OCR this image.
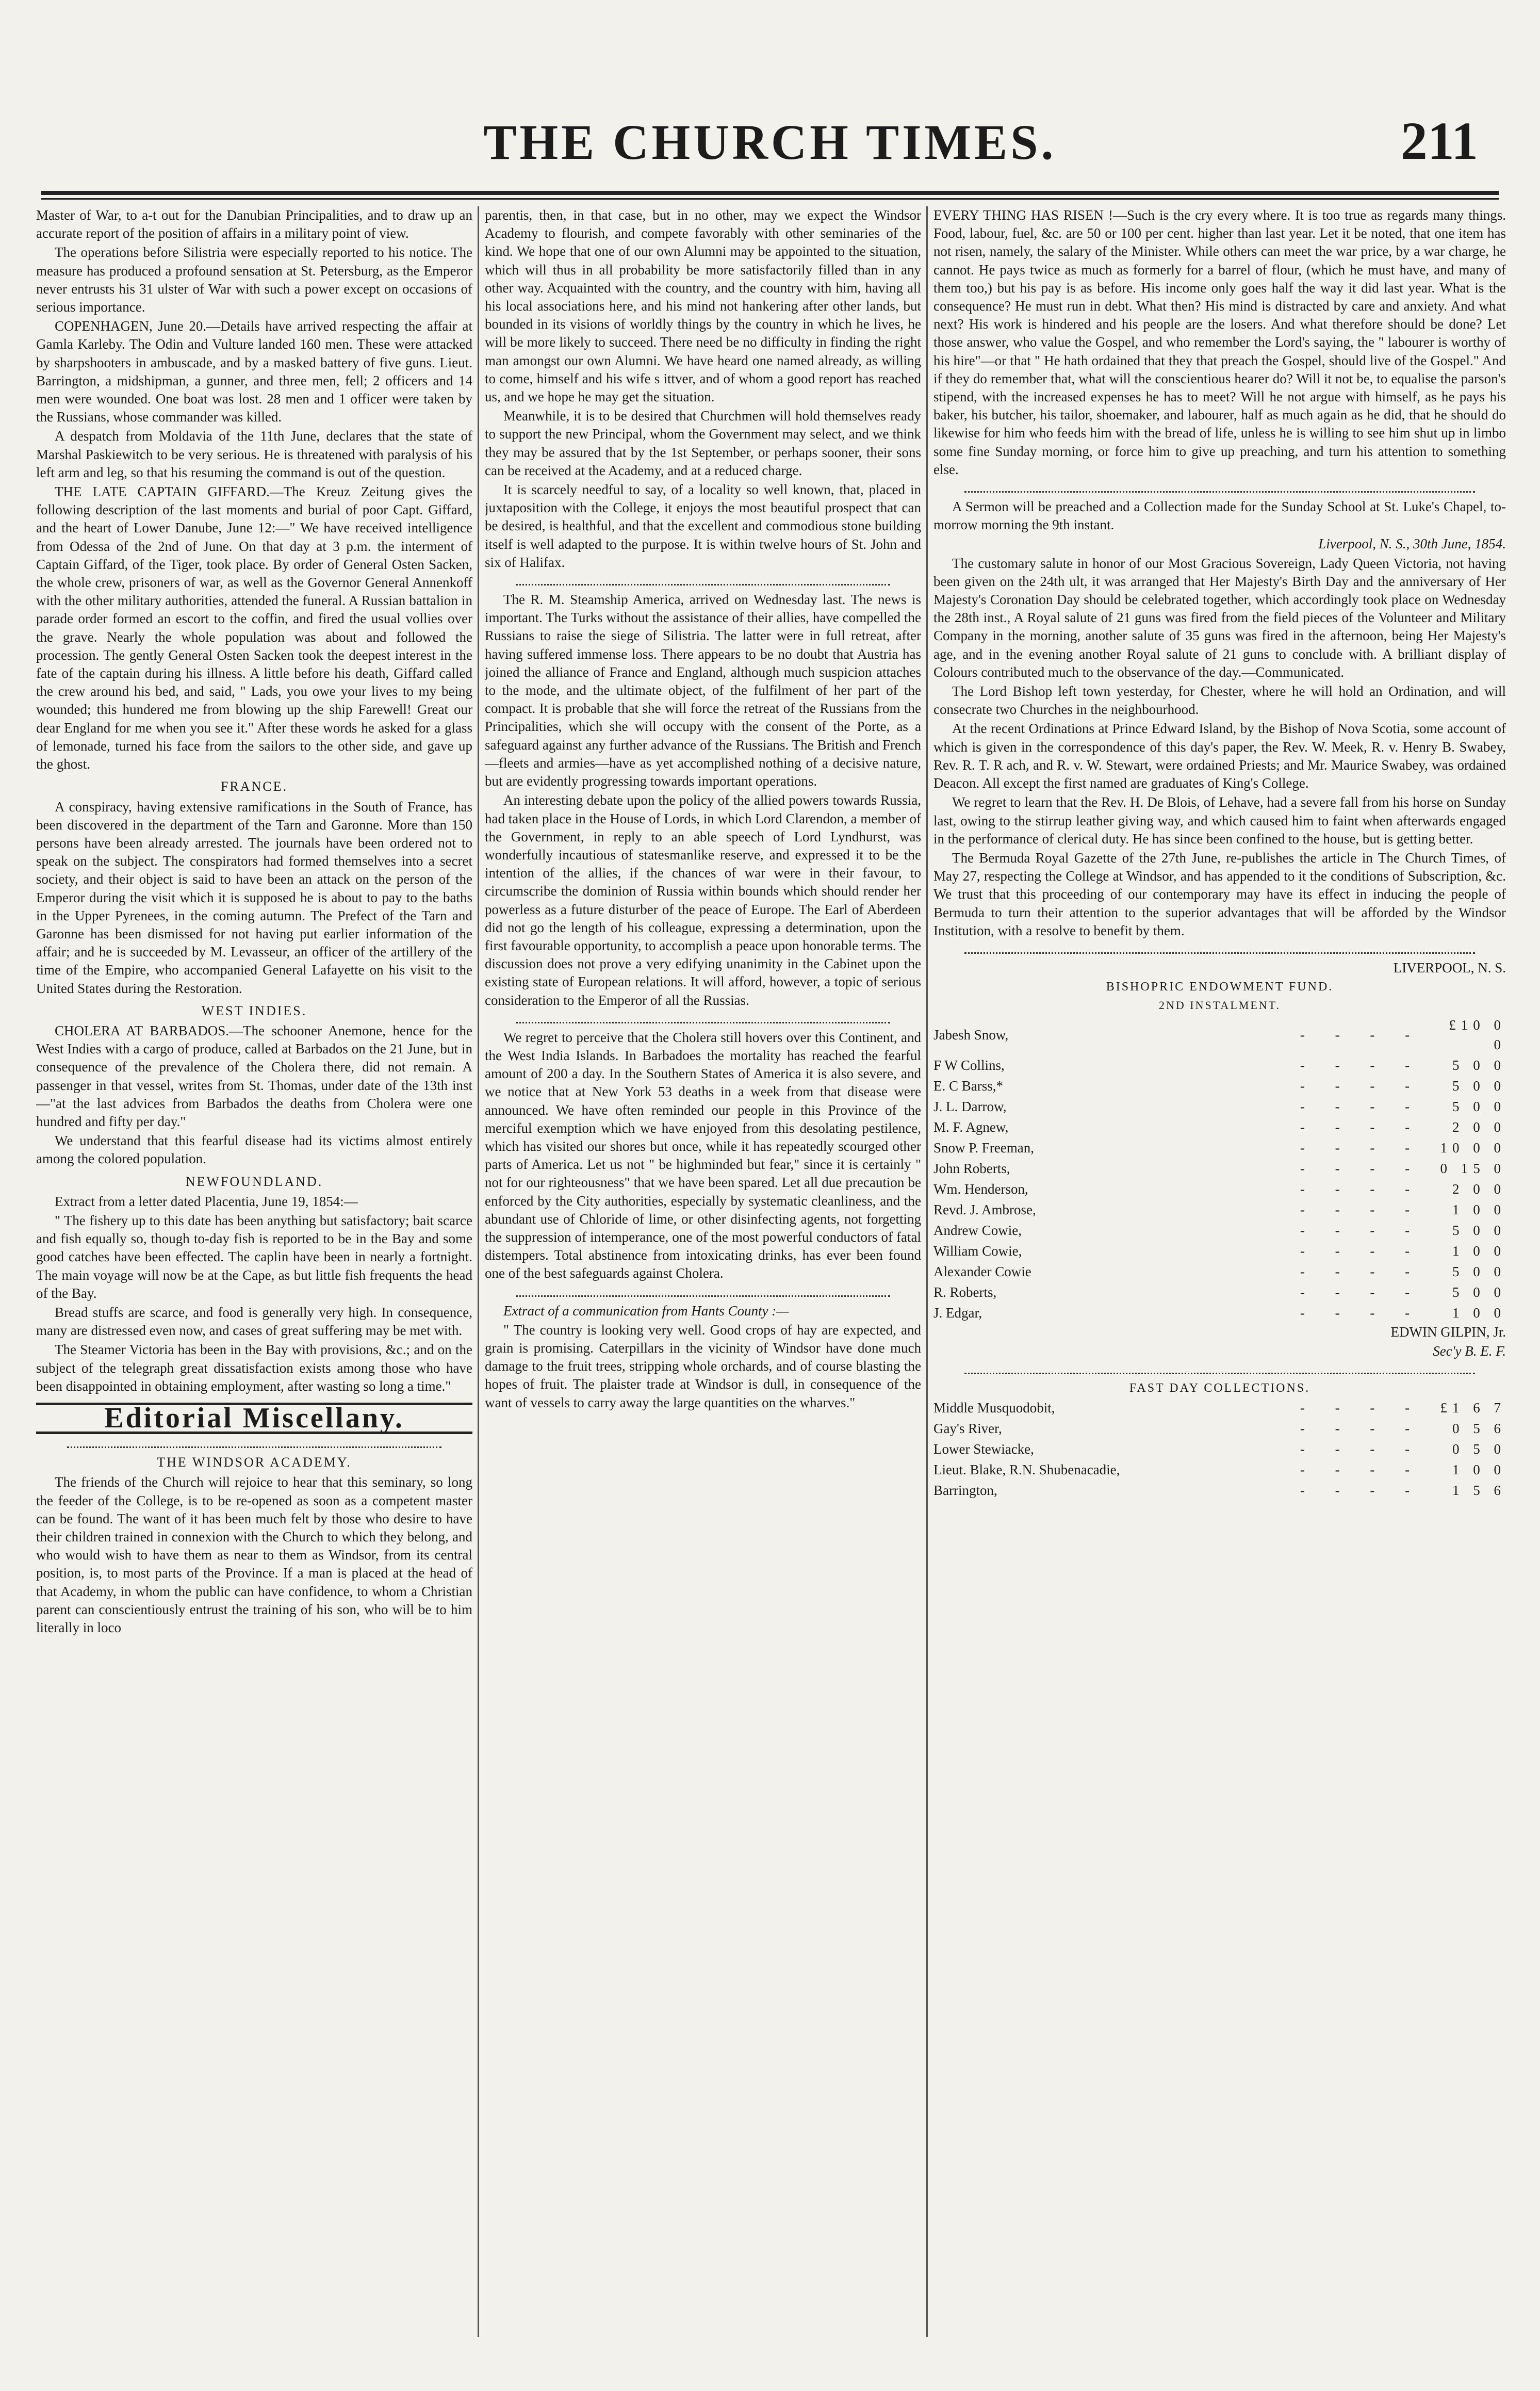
THE CHURCH TIMES.	211

Master of War, to a-t out for the Danubian Principalities, and to draw up an accurate report of the position of affairs in a military point of view.

The operations before Silistria were especially reported to his notice. The measure has produced a profound sensation at St. Petersburg, as the Emperor never entrusts his 31 ulster of War with such a power except on occasions of serious importance.

COPENHAGEN, June 20.—Details have arrived respecting the affair at Gamla Karleby. The Odin and Vulture landed 160 men. These were attacked by sharpshooters in ambuscade, and by a masked battery of five guns. Lieut. Barrington, a midshipman, a gunner, and three men, fell; 2 officers and 14 men were wounded. One boat was lost. 28 men and 1 officer were taken by the Russians, whose commander was killed.

A despatch from Moldavia of the 11th June, declares that the state of Marshal Paskiewitch to be very serious. He is threatened with paralysis of his left arm and leg, so that his resuming the command is out of the question.

THE LATE CAPTAIN GIFFARD.—The Kreuz Zeitung gives the following description of the last moments and burial of poor Capt. Giffard, and the heart of Lower Danube, June 12:—" We have received intelligence from Odessa of the 2nd of June. On that day at 3 p.m. the interment of Captain Giffard, of the Tiger, took place. By order of General Osten Sacken, the whole crew, prisoners of war, as well as the Governor General Annenkoff with the other military authorities, attended the funeral. A Russian battalion in parade order formed an escort to the coffin, and fired the usual vollies over the grave. Nearly the whole population was about and followed the procession. The gently General Osten Sacken took the deepest interest in the fate of the captain during his illness. A little before his death, Giffard called the crew around his bed, and said, " Lads, you owe your lives to my being wounded; this hundered me from blowing up the ship Farewell! Great our dear England for me when you see it." After these words he asked for a glass of lemonade, turned his face from the sailors to the other side, and gave up the ghost.

FRANCE.

A conspiracy, having extensive ramifications in the South of France, has been discovered in the department of the Tarn and Garonne. More than 150 persons have been already arrested. The journals have been ordered not to speak on the subject. The conspirators had formed themselves into a secret society, and their object is said to have been an attack on the person of the Emperor during the visit which it is supposed he is about to pay to the baths in the Upper Pyrenees, in the coming autumn. The Prefect of the Tarn and Garonne has been dismissed for not having put earlier information of the affair; and he is succeeded by M. Levasseur, an officer of the artillery of the time of the Empire, who accompanied General Lafayette on his visit to the United States during the Restoration.

WEST INDIES.

CHOLERA AT BARBADOS.—The schooner Anemone, hence for the West Indies with a cargo of produce, called at Barbados on the 21 June, but in consequence of the prevalence of the Cholera there, did not remain. A passenger in that vessel, writes from St. Thomas, under date of the 13th inst—"at the last advices from Barbados the deaths from Cholera were one hundred and fifty per day."

We understand that this fearful disease had its victims almost entirely among the colored population.

NEWFOUNDLAND.

Extract from a letter dated Placentia, June 19, 1854:—

" The fishery up to this date has been anything but satisfactory; bait scarce and fish equally so, though to-day fish is reported to be in the Bay and some good catches have been effected. The caplin have been in nearly a fortnight. The main voyage will now be at the Cape, as but little fish frequents the head of the Bay.

Bread stuffs are scarce, and food is generally very high. In consequence, many are distressed even now, and cases of great suffering may be met with.

The Steamer Victoria has been in the Bay with provisions, &c.; and on the subject of the telegraph great dissatisfaction exists among those who have been disappointed in obtaining employment, after wasting so long a time."

Editorial Miscellany.
THE WINDSOR ACADEMY.

The friends of the Church will rejoice to hear that this seminary, so long the feeder of the College, is to be re-opened as soon as a competent master can be found. The want of it has been much felt by those who desire to have their children trained in connexion with the Church to which they belong, and who would wish to have them as near to them as Windsor, from its central position, is, to most parts of the Province. If a man is placed at the head of that Academy, in whom the public can have confidence, to whom a Christian parent can conscientiously entrust the training of his son, who will be to him literally in loco

parentis, then, in that case, but in no other, may we expect the Windsor Academy to flourish, and compete favorably with other seminaries of the kind. We hope that one of our own Alumni may be appointed to the situation, which will thus in all probability be more satisfactorily filled than in any other way. Acquainted with the country, and the country with him, having all his local associations here, and his mind not hankering after other lands, but bounded in its visions of worldly things by the country in which he lives, he will be more likely to succeed. There need be no difficulty in finding the right man amongst our own Alumni. We have heard one named already, as willing to come, himself and his wife s ittver, and of whom a good report has reached us, and we hope he may get the situation.

Meanwhile, it is to be desired that Churchmen will hold themselves ready to support the new Principal, whom the Government may select, and we think they may be assured that by the 1st September, or perhaps sooner, their sons can be received at the Academy, and at a reduced charge.

It is scarcely needful to say, of a locality so well known, that, placed in juxtaposition with the College, it enjoys the most beautiful prospect that can be desired, is healthful, and that the excellent and commodious stone building itself is well adapted to the purpose. It is within twelve hours of St. John and six of Halifax.

The R. M. Steamship America, arrived on Wednesday last. The news is important. The Turks without the assistance of their allies, have compelled the Russians to raise the siege of Silistria. The latter were in full retreat, after having suffered immense loss. There appears to be no doubt that Austria has joined the alliance of France and England, although much suspicion attaches to the mode, and the ultimate object, of the fulfilment of her part of the compact. It is probable that she will force the retreat of the Russians from the Principalities, which she will occupy with the consent of the Porte, as a safeguard against any further advance of the Russians. The British and French —fleets and armies—have as yet accomplished nothing of a decisive nature, but are evidently progressing towards important operations.

An interesting debate upon the policy of the allied powers towards Russia, had taken place in the House of Lords, in which Lord Clarendon, a member of the Government, in reply to an able speech of Lord Lyndhurst, was wonderfully incautious of statesmanlike reserve, and expressed it to be the intention of the allies, if the chances of war were in their favour, to circumscribe the dominion of Russia within bounds which should render her powerless as a future disturber of the peace of Europe. The Earl of Aberdeen did not go the length of his colleague, expressing a determination, upon the first favourable opportunity, to accomplish a peace upon honorable terms. The discussion does not prove a very edifying unanimity in the Cabinet upon the existing state of European relations. It will afford, however, a topic of serious consideration to the Emperor of all the Russias.

We regret to perceive that the Cholera still hovers over this Continent, and the West India Islands. In Barbadoes the mortality has reached the fearful amount of 200 a day. In the Southern States of America it is also severe, and we notice that at New York 53 deaths in a week from that disease were announced. We have often reminded our people in this Province of the merciful exemption which we have enjoyed from this desolating pestilence, which has visited our shores but once, while it has repeatedly scourged other parts of America. Let us not " be highminded but fear," since it is certainly " not for our righteousness" that we have been spared. Let all due precaution be enforced by the City authorities, especially by systematic cleanliness, and the abundant use of Chloride of lime, or other disinfecting agents, not forgetting the suppression of intemperance, one of the most powerful conductors of fatal distempers. Total abstinence from intoxicating drinks, has ever been found one of the best safeguards against Cholera.

Extract of a communication from Hants County :—

" The country is looking very well. Good crops of hay are expected, and grain is promising. Caterpillars in the vicinity of Windsor have done much damage to the fruit trees, stripping whole orchards, and of course blasting the hopes of fruit. The plaister trade at Windsor is dull, in consequence of the want of vessels to carry away the large quantities on the wharves."

EVERY THING HAS RISEN !—Such is the cry every where. It is too true as regards many things. Food, labour, fuel, &c. are 50 or 100 per cent. higher than last year. Let it be noted, that one item has not risen, namely, the salary of the Minister. While others can meet the war price, by a war charge, he cannot. He pays twice as much as formerly for a barrel of flour, (which he must have, and many of them too,) but his pay is as before. His income only goes half the way it did last year. What is the consequence? He must run in debt. What then? His mind is distracted by care and anxiety. And what next? His work is hindered and his people are the losers. And what therefore should be done? Let those answer, who value the Gospel, and who remember the Lord's saying, the " labourer is worthy of his hire"—or that " He hath ordained that they that preach the Gospel, should live of the Gospel." And if they do remember that, what will the conscientious hearer do? Will it not be, to equalise the parson's stipend, with the increased expenses he has to meet? Will he not argue with himself, as he pays his baker, his butcher, his tailor, shoemaker, and labourer, half as much again as he did, that he should do likewise for him who feeds him with the bread of life, unless he is willing to see him shut up in limbo some fine Sunday morning, or force him to give up preaching, and turn his attention to something else.

A Sermon will be preached and a Collection made for the Sunday School at St. Luke's Chapel, to-morrow morning the 9th instant.

Liverpool, N. S., 30th June, 1854.

The customary salute in honor of our Most Gracious Sovereign, Lady Queen Victoria, not having been given on the 24th ult, it was arranged that Her Majesty's Birth Day and the anniversary of Her Majesty's Coronation Day should be celebrated together, which accordingly took place on Wednesday the 28th inst., A Royal salute of 21 guns was fired from the field pieces of the Volunteer and Military Company in the morning, another salute of 35 guns was fired in the afternoon, being Her Majesty's age, and in the evening another Royal salute of 21 guns to conclude with. A brilliant display of Colours contributed much to the observance of the day.—Communicated.

The Lord Bishop left town yesterday, for Chester, where he will hold an Ordination, and will consecrate two Churches in the neighbourhood.

At the recent Ordinations at Prince Edward Island, by the Bishop of Nova Scotia, some account of which is given in the correspondence of this day's paper, the Rev. W. Meek, R. v. Henry B. Swabey, Rev. R. T. R ach, and R. v. W. Stewart, were ordained Priests; and Mr. Maurice Swabey, was ordained Deacon. All except the first named are graduates of King's College.

We regret to learn that the Rev. H. De Blois, of Lehave, had a severe fall from his horse on Sunday last, owing to the stirrup leather giving way, and which caused him to faint when afterwards engaged in the performance of clerical duty. He has since been confined to the house, but is getting better.

The Bermuda Royal Gazette of the 27th June, re-publishes the article in The Church Times, of May 27, respecting the College at Windsor, and has appended to it the conditions of Subscription, &c. We trust that this proceeding of our contemporary may have its effect in inducing the people of Bermuda to turn their attention to the superior advantages that will be afforded by the Windsor Institution, with a resolve to benefit by them.

LIVERPOOL, N. S.

BISHOPRIC ENDOWMENT FUND.
2ND INSTALMENT.
Jabesh Snow,	- - - -	£10 0 0
F W Collins,	- - - -	5 0 0
E. C Barss,*	- - - -	5 0 0
J. L. Darrow,	- - - -	5 0 0
M. F. Agnew,	- - - -	2 0 0
Snow P. Freeman,	- - - -	10 0 0
John Roberts,	- - - -	0 15 0
Wm. Henderson,	- - - -	2 0 0
Revd. J. Ambrose,	- - - -	1 0 0
Andrew Cowie,	- - - -	5 0 0
William Cowie,	- - - -	1 0 0
Alexander Cowie	- - - -	5 0 0
R. Roberts,	- - - -	5 0 0
J. Edgar,	- - - -	1 0 0

EDWIN GILPIN, Jr.

Sec'y B. E. F.

FAST DAY COLLECTIONS.
Middle Musquodobit,	- - - -	£1 6 7
Gay's River,	- - - -	0 5 6
Lower Stewiacke,	- - - -	0 5 0
Lieut. Blake, R.N. Shubenacadie,	- - - -	1 0 0
Barrington,	- - - -	1 5 6
